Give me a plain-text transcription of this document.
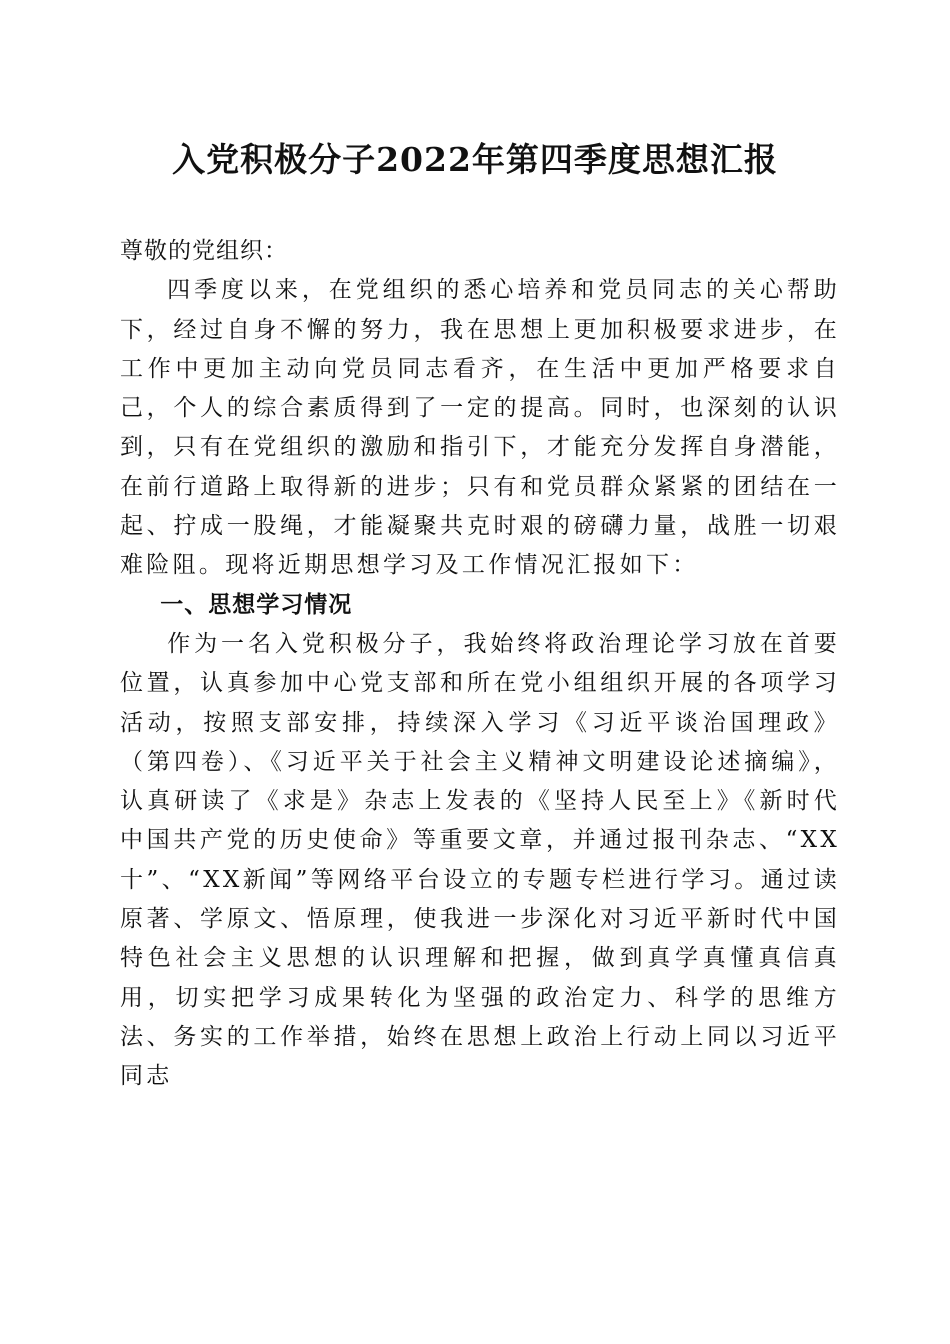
入党积极分子2022年第四季度思想汇报

尊敬的党组织：

四季度以来，在党组织的悉心培养和党员同志的关心帮助下，经过自身不懈的努力，我在思想上更加积极要求进步，在工作中更加主动向党员同志看齐，在生活中更加严格要求自己，个人的综合素质得到了一定的提高。同时，也深刻的认识到，只有在党组织的激励和指引下，才能充分发挥自身潜能，在前行道路上取得新的进步；只有和党员群众紧紧的团结在一起、拧成一股绳，才能凝聚共克时艰的磅礴力量，战胜一切艰难险阻。现将近期思想学习及工作情况汇报如下：

一、思想学习情况

作为一名入党积极分子，我始终将政治理论学习放在首要位置，认真参加中心党支部和所在党小组组织开展的各项学习活动，按照支部安排，持续深入学习《习近平谈治国理政》（第四卷）、《习近平关于社会主义精神文明建设论述摘编》，认真研读了《求是》杂志上发表的《坚持人民至上》《新时代中国共产党的历史使命》等重要文章，并通过报刊杂志、“XX十”、“XX新闻”等网络平台设立的专题专栏进行学习。通过读原著、学原文、悟原理，使我进一步深化对习近平新时代中国特色社会主义思想的认识理解和把握，做到真学真懂真信真用，切实把学习成果转化为坚强的政治定力、科学的思维方法、务实的工作举措，始终在思想上政治上行动上同以习近平同志
